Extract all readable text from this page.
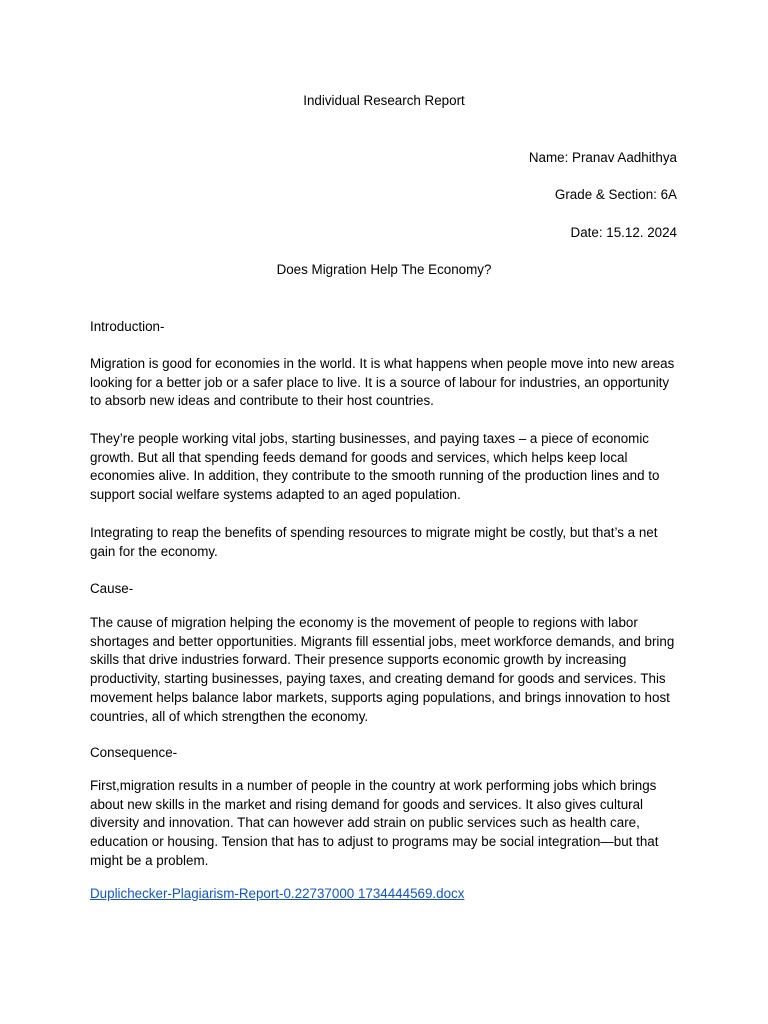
Individual Research Report
Name: Pranav Aadhithya
Grade & Section: 6A
Date: 15.12. 2024
Does Migration Help The Economy?

Introduction-

Migration is good for economies in the world. It is what happens when people move into new areas looking for a better job or a safer place to live. It is a source of labour for industries, an opportunity to absorb new ideas and contribute to their host countries.

They’re people working vital jobs, starting businesses, and paying taxes – a piece of economic growth. But all that spending feeds demand for goods and services, which helps keep local economies alive. In addition, they contribute to the smooth running of the production lines and to support social welfare systems adapted to an aged population.

Integrating to reap the benefits of spending resources to migrate might be costly, but that’s a net gain for the economy.

Cause-

The cause of migration helping the economy is the movement of people to regions with labor shortages and better opportunities. Migrants fill essential jobs, meet workforce demands, and bring skills that drive industries forward. Their presence supports economic growth by increasing productivity, starting businesses, paying taxes, and creating demand for goods and services. This movement helps balance labor markets, supports aging populations, and brings innovation to host countries, all of which strengthen the economy.

Consequence-

First,migration results in a number of people in the country at work performing jobs which brings about new skills in the market and rising demand for goods and services. It also gives cultural diversity and innovation. That can however add strain on public services such as health care, education or housing. Tension that has to adjust to programs may be social integration—but that might be a problem.

Duplichecker-Plagiarism-Report-0.22737000 1734444569.docx
